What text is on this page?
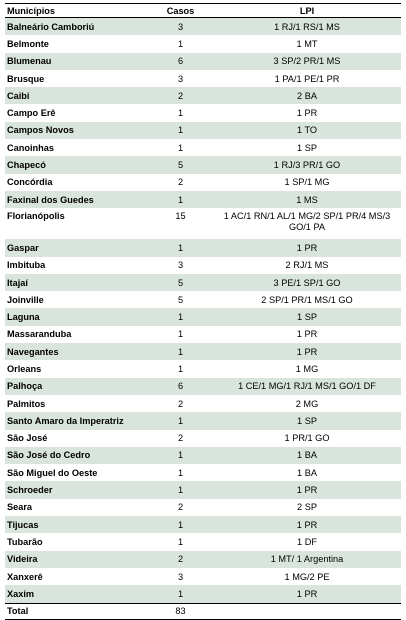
Municípios	Casos	LPI
Balneário Camboriú	3	1 RJ/1 RS/1 MS
Belmonte	1	1 MT
Blumenau	6	3 SP/2 PR/1 MS
Brusque	3	1 PA/1 PE/1 PR
Caibi	2	2 BA
Campo Erê	1	1 PR
Campos Novos	1	1 TO
Canoinhas	1	1 SP
Chapecó	5	1 RJ/3 PR/1 GO
Concórdia	2	1 SP/1 MG
Faxinal dos Guedes	1	1 MS
Florianópolis	15	1 AC/1 RN/1 AL/1 MG/2 SP/1 PR/4 MS/3 GO/1 PA
Gaspar	1	1 PR
Imbituba	3	2 RJ/1 MS
Itajaí	5	3 PE/1 SP/1 GO
Joinville	5	2 SP/1 PR/1 MS/1 GO
Laguna	1	1 SP
Massaranduba	1	1 PR
Navegantes	1	1 PR
Orleans	1	1 MG
Palhoça	6	1 CE/1 MG/1 RJ/1 MS/1 GO/1 DF
Palmitos	2	2 MG
Santo Amaro da Imperatriz	1	1 SP
São José	2	1 PR/1 GO
São José do Cedro	1	1 BA
São Miguel do Oeste	1	1 BA
Schroeder	1	1 PR
Seara	2	2 SP
Tijucas	1	1 PR
Tubarão	1	1 DF
Videira	2	1 MT/ 1 Argentina
Xanxerê	3	1 MG/2 PE
Xaxim	1	1 PR
Total	83	
